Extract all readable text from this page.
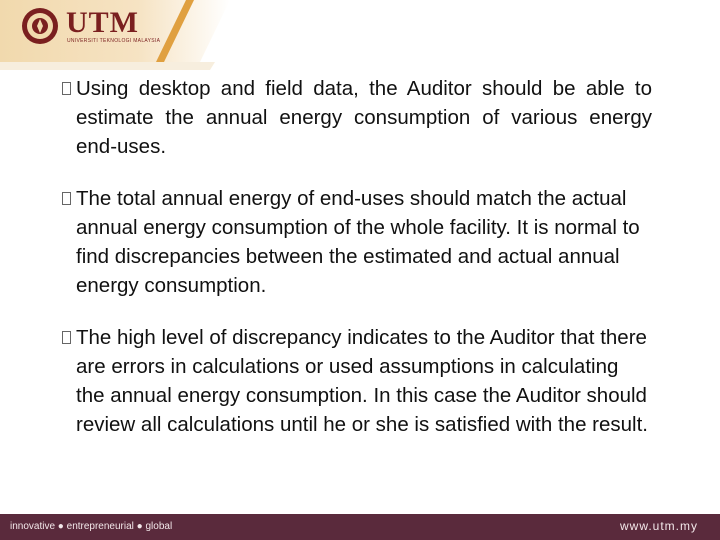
UTM
UNIVERSITI TEKNOLOGI MALAYSIA
Using desktop and field data, the Auditor should be able to estimate the annual energy consumption of various energy end-uses.
The total annual energy of end-uses should match the actual annual energy consumption of the whole facility. It is normal to find discrepancies between the estimated and actual annual energy consumption.
The high level of discrepancy indicates to the Auditor that there are errors in calculations or used assumptions in calculating the annual energy consumption. In this case the Auditor should review all calculations until he or she is satisfied with the result.
innovative ● entrepreneurial ● global	www.utm.my
